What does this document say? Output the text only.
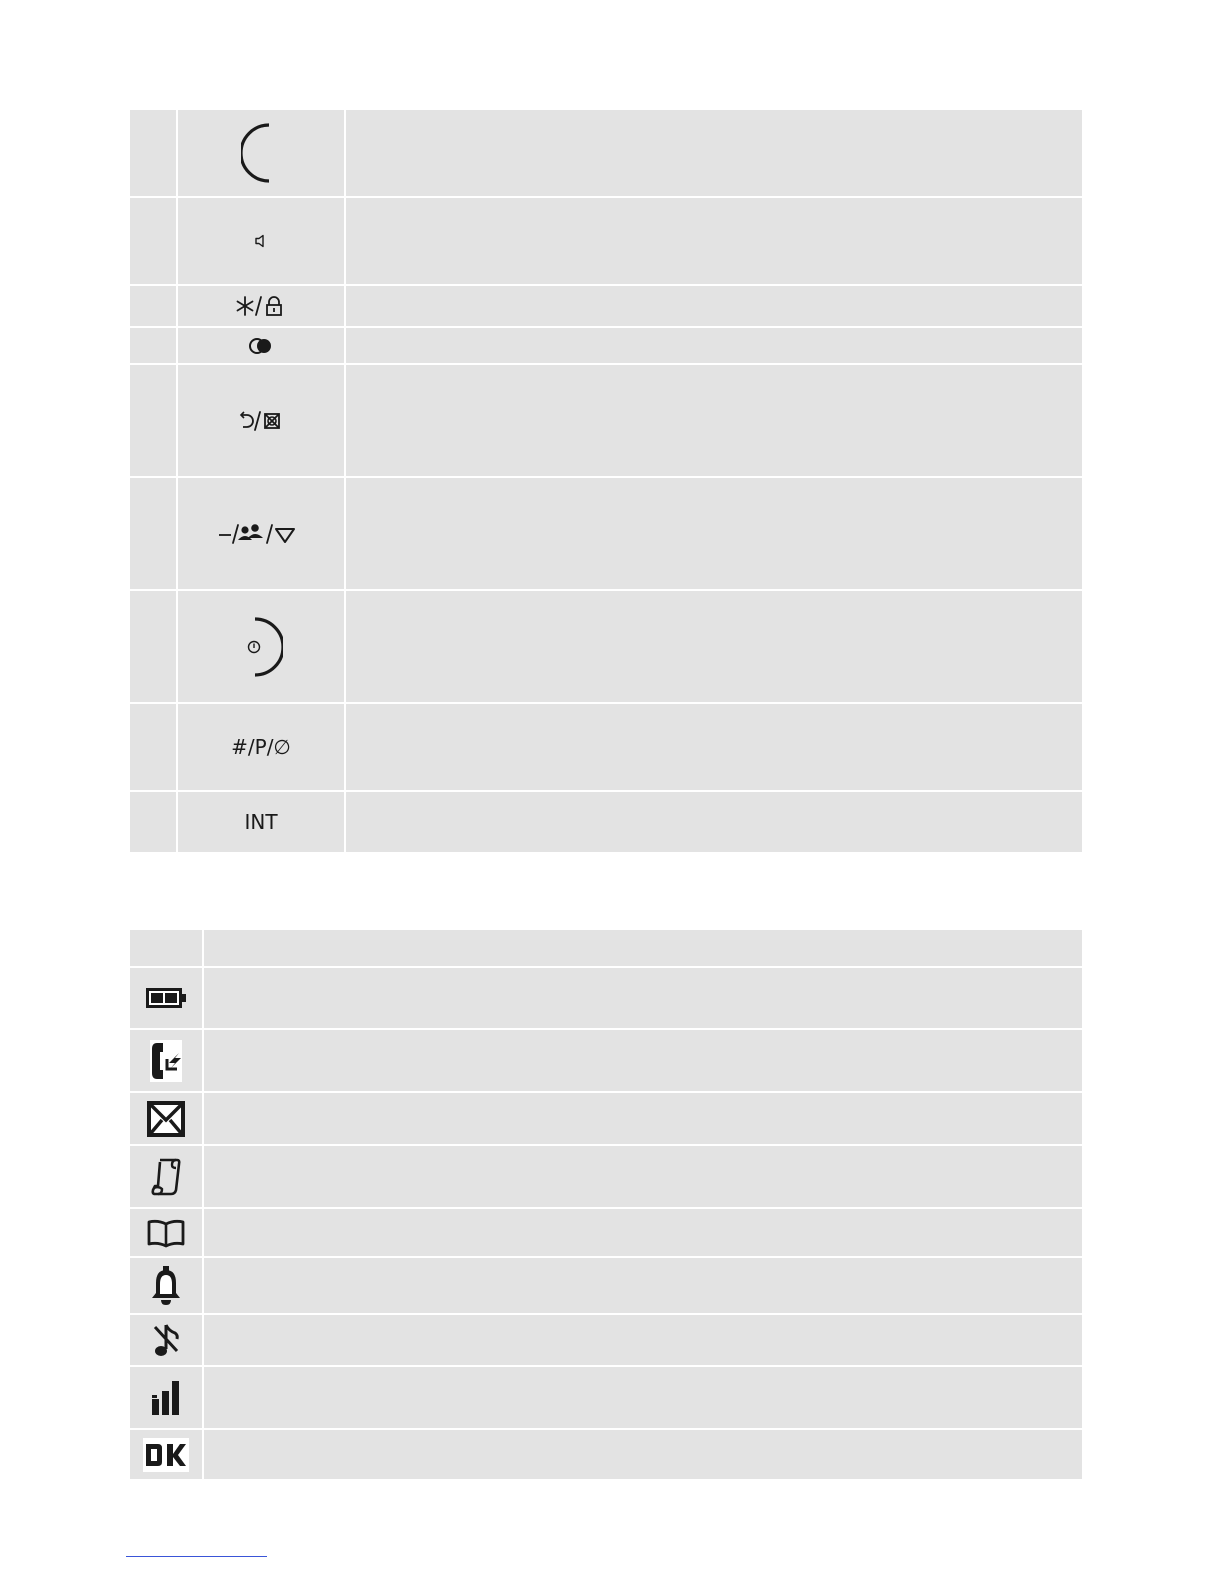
#/P/∅
INT
